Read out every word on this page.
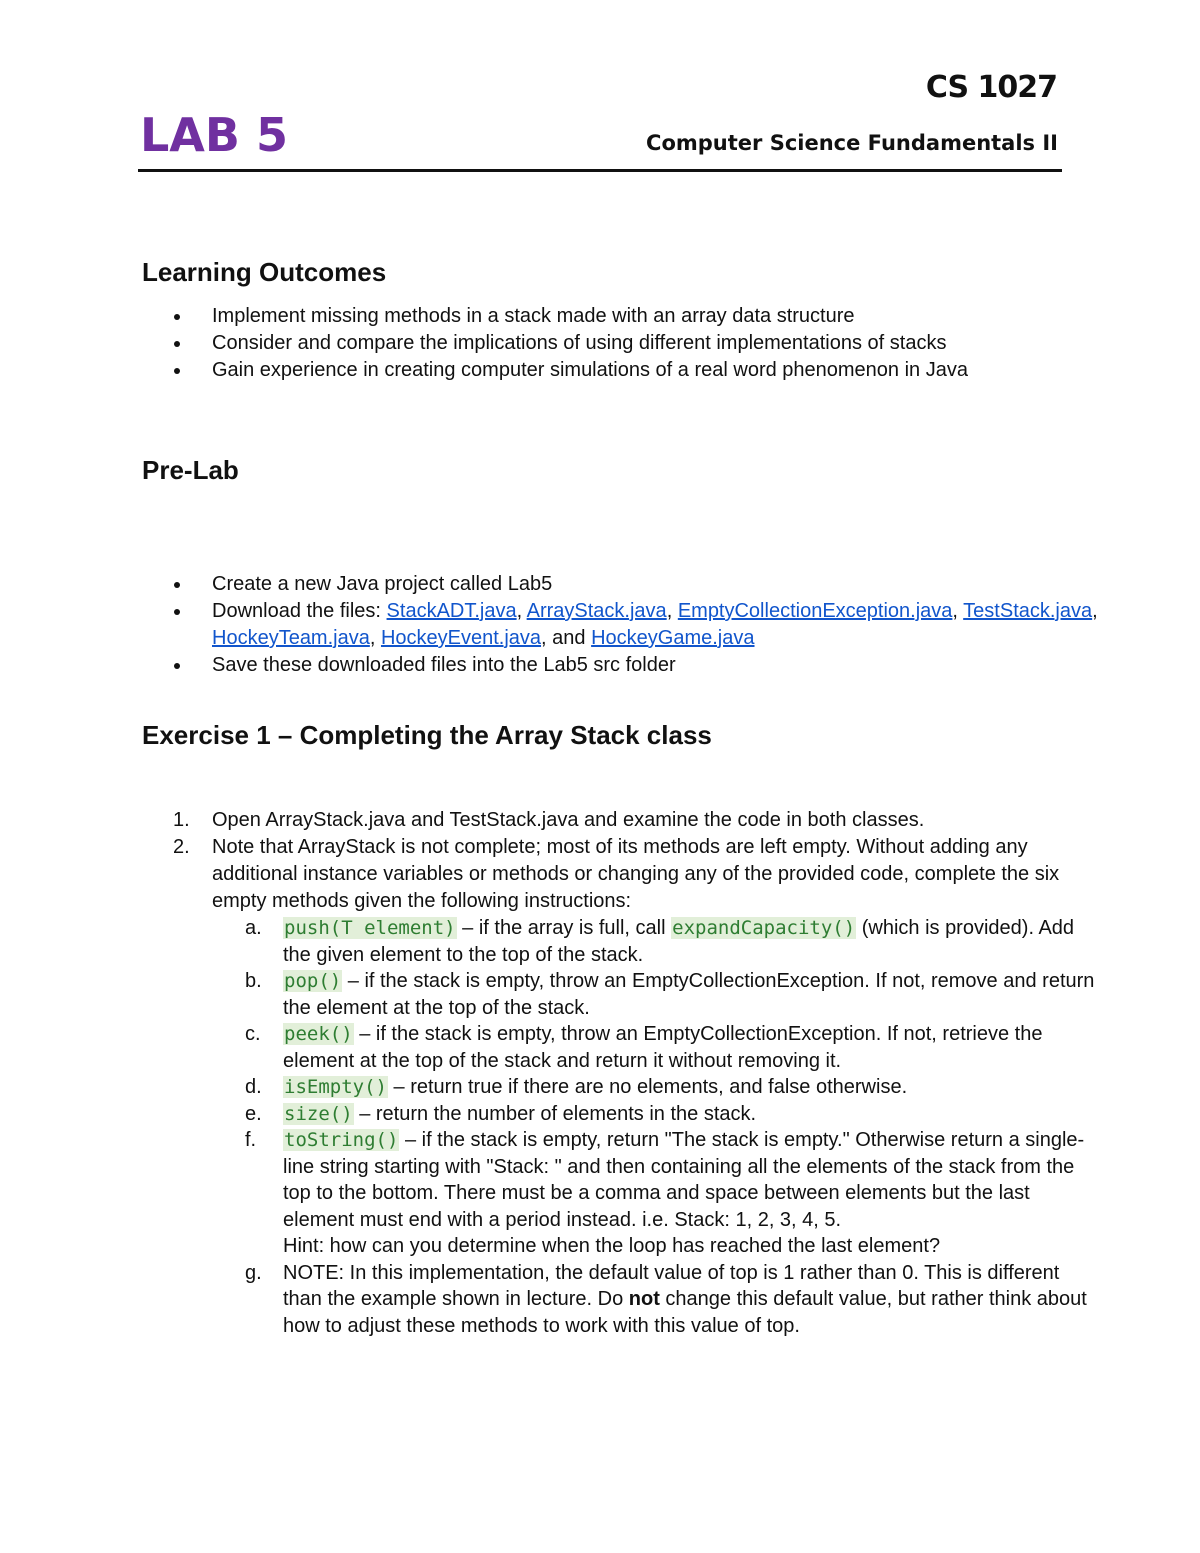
CS 1027
LAB 5	Computer Science Fundamentals II
Learning Outcomes
Implement missing methods in a stack made with an array data structure
Consider and compare the implications of using different implementations of stacks
Gain experience in creating computer simulations of a real word phenomenon in Java
Pre-Lab
Create a new Java project called Lab5
Download the files: StackADT.java, ArrayStack.java, EmptyCollectionException.java, TestStack.java, HockeyTeam.java, HockeyEvent.java, and HockeyGame.java
Save these downloaded files into the Lab5 src folder
Exercise 1 – Completing the Array Stack class
1. Open ArrayStack.java and TestStack.java and examine the code in both classes.
2. Note that ArrayStack is not complete; most of its methods are left empty. Without adding any additional instance variables or methods or changing any of the provided code, complete the six empty methods given the following instructions:
a. push(T element) – if the array is full, call expandCapacity() (which is provided). Add the given element to the top of the stack.
b. pop() – if the stack is empty, throw an EmptyCollectionException. If not, remove and return the element at the top of the stack.
c. peek() – if the stack is empty, throw an EmptyCollectionException. If not, retrieve the element at the top of the stack and return it without removing it.
d. isEmpty() – return true if there are no elements, and false otherwise.
e. size() – return the number of elements in the stack.
f. toString() – if the stack is empty, return "The stack is empty." Otherwise return a single-line string starting with "Stack: " and then containing all the elements of the stack from the top to the bottom. There must be a comma and space between elements but the last element must end with a period instead. i.e. Stack: 1, 2, 3, 4, 5.
Hint: how can you determine when the loop has reached the last element?
g. NOTE: In this implementation, the default value of top is 1 rather than 0. This is different than the example shown in lecture. Do not change this default value, but rather think about how to adjust these methods to work with this value of top.
